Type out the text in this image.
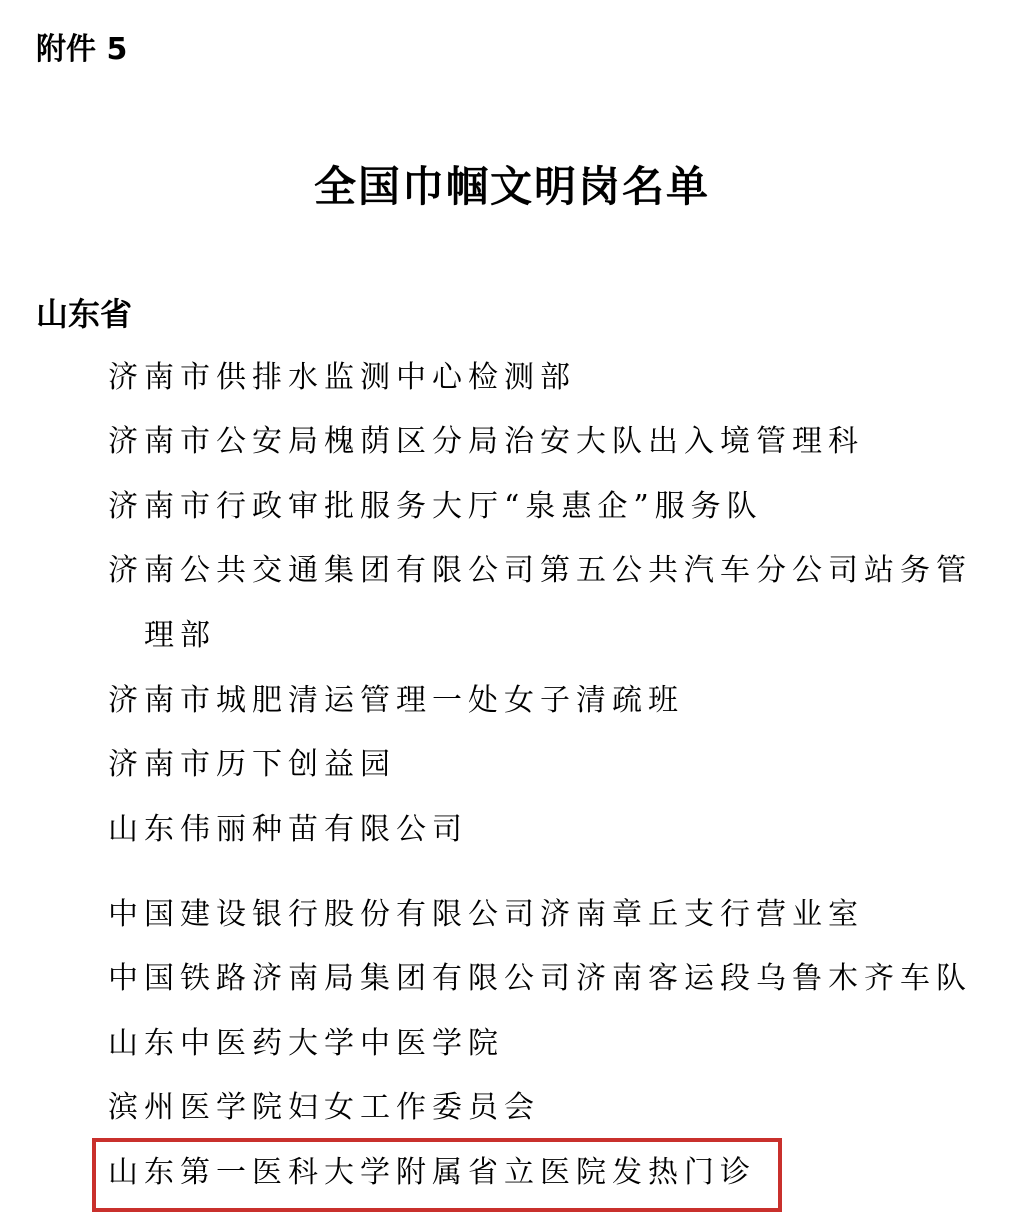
附件 5
全国巾帼文明岗名单
山东省
济南市供排水监测中心检测部
济南市公安局槐荫区分局治安大队出入境管理科
济南市行政审批服务大厅“泉惠企”服务队
济南公共交通集团有限公司第五公共汽车分公司站务管
理部
济南市城肥清运管理一处女子清疏班
济南市历下创益园
山东伟丽种苗有限公司
中国建设银行股份有限公司济南章丘支行营业室
中国铁路济南局集团有限公司济南客运段乌鲁木齐车队
山东中医药大学中医学院
滨州医学院妇女工作委员会
山东第一医科大学附属省立医院发热门诊
